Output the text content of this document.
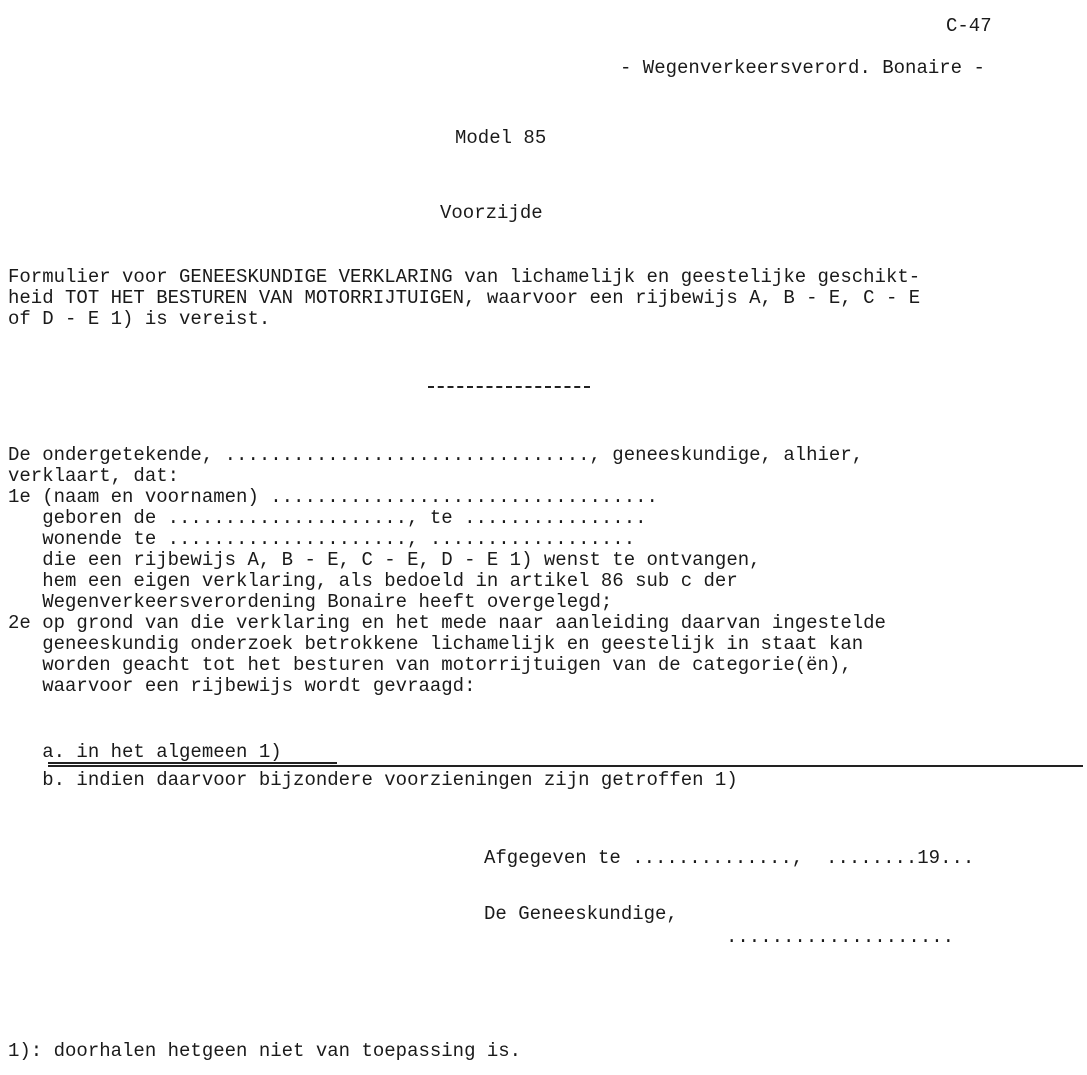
C-47
- Wegenverkeersverord. Bonaire -
Model 85
Voorzijde
Formulier voor GENEESKUNDIGE VERKLARING van lichamelijk en geestelijke geschikt-
heid TOT HET BESTUREN VAN MOTORRIJTUIGEN, waarvoor een rijbewijs A, B - E, C - E
of D - E 1) is vereist.
De ondergetekende, ................................, geneeskundige, alhier,
verklaart, dat:
1e (naam en voornamen) ..................................
geboren de ....................., te ................
wonende te ....................., ..................
die een rijbewijs A, B - E, C - E, D - E 1) wenst te ontvangen,
hem een eigen verklaring, als bedoeld in artikel 86 sub c der
Wegenverkeersverordening Bonaire heeft overgelegd;
2e op grond van die verklaring en het mede naar aanleiding daarvan ingestelde
geneeskundig onderzoek betrokkene lichamelijk en geestelijk in staat kan
worden geacht tot het besturen van motorrijtuigen van de categorie(ën),
waarvoor een rijbewijs wordt gevraagd:
a. in het algemeen 1)
b. indien daarvoor bijzondere voorzieningen zijn getroffen 1)
Afgegeven te ..............,  ........19...
De Geneeskundige,
....................
1): doorhalen hetgeen niet van toepassing is.
